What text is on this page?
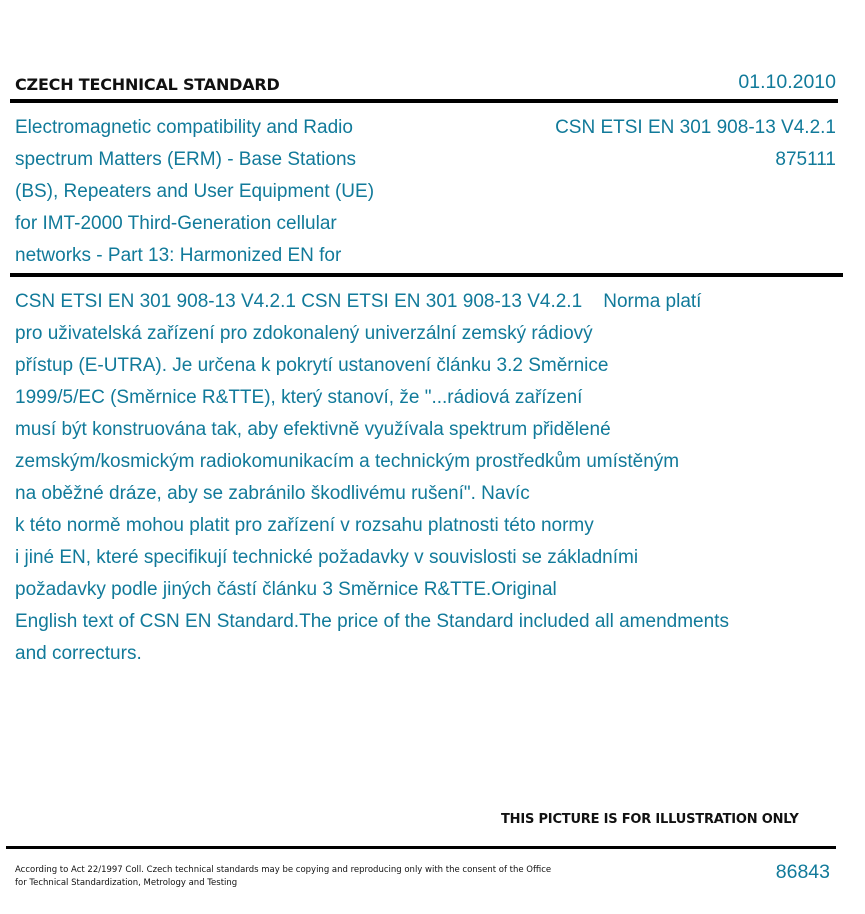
CZECH TECHNICAL STANDARD	01.10.2010
Electromagnetic compatibility and Radio
spectrum Matters (ERM) - Base Stations
(BS), Repeaters and User Equipment (UE)
for IMT-2000 Third-Generation cellular
networks - Part 13: Harmonized EN for
CSN ETSI EN 301 908-13 V4.2.1
875111
CSN ETSI EN 301 908-13 V4.2.1 CSN ETSI EN 301 908-13 V4.2.1    Norma platí
pro uživatelská zařízení pro zdokonalený univerzální zemský rádiový
přístup (E-UTRA). Je určena k pokrytí ustanovení článku 3.2 Směrnice
1999/5/EC (Směrnice R&TTE), který stanoví, že "...rádiová zařízení
musí být konstruována tak, aby efektivně využívala spektrum přidělené
zemským/kosmickým radiokomunikacím a technickým prostředkům umístěným
na oběžné dráze, aby se zabránilo škodlivému rušení". Navíc
k této normě mohou platit pro zařízení v rozsahu platnosti této normy
i jiné EN, které specifikují technické požadavky v souvislosti se základními
požadavky podle jiných částí článku 3 Směrnice R&TTE.Original
English text of CSN EN Standard.The price of the Standard included all amendments
and correcturs.
THIS PICTURE IS FOR ILLUSTRATION ONLY
According to Act 22/1997 Coll. Czech technical standards may be copying and reproducing only with the consent of the Office
for Technical Standardization, Metrology and Testing	86843
